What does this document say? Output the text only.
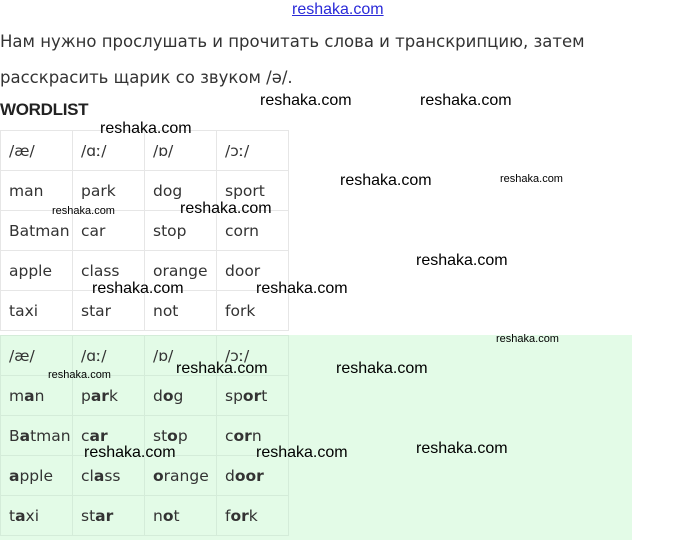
reshaka.com
Нам нужно прослушать и прочитать слова и транскрипцию, затем расскрасить щарик со звуком /ə/.
WORDLIST
/æ/	/ɑː/	/ɒ/	/ɔː/
man	park	dog	sport
Batman	car	stop	corn
apple	class	orange	door
taxi	star	not	fork
/æ/	/ɑː/	/ɒ/	/ɔː/
man	park	dog	sport
Batman	car	stop	corn
apple	class	orange	door
taxi	star	not	fork
reshaka.com	reshaka.com
reshaka.com
reshaka.com	reshaka.com
reshaka.com	reshaka.com
reshaka.com
reshaka.com	reshaka.com
reshaka.com
reshaka.com	reshaka.com	reshaka.com
reshaka.com	reshaka.com	reshaka.com
